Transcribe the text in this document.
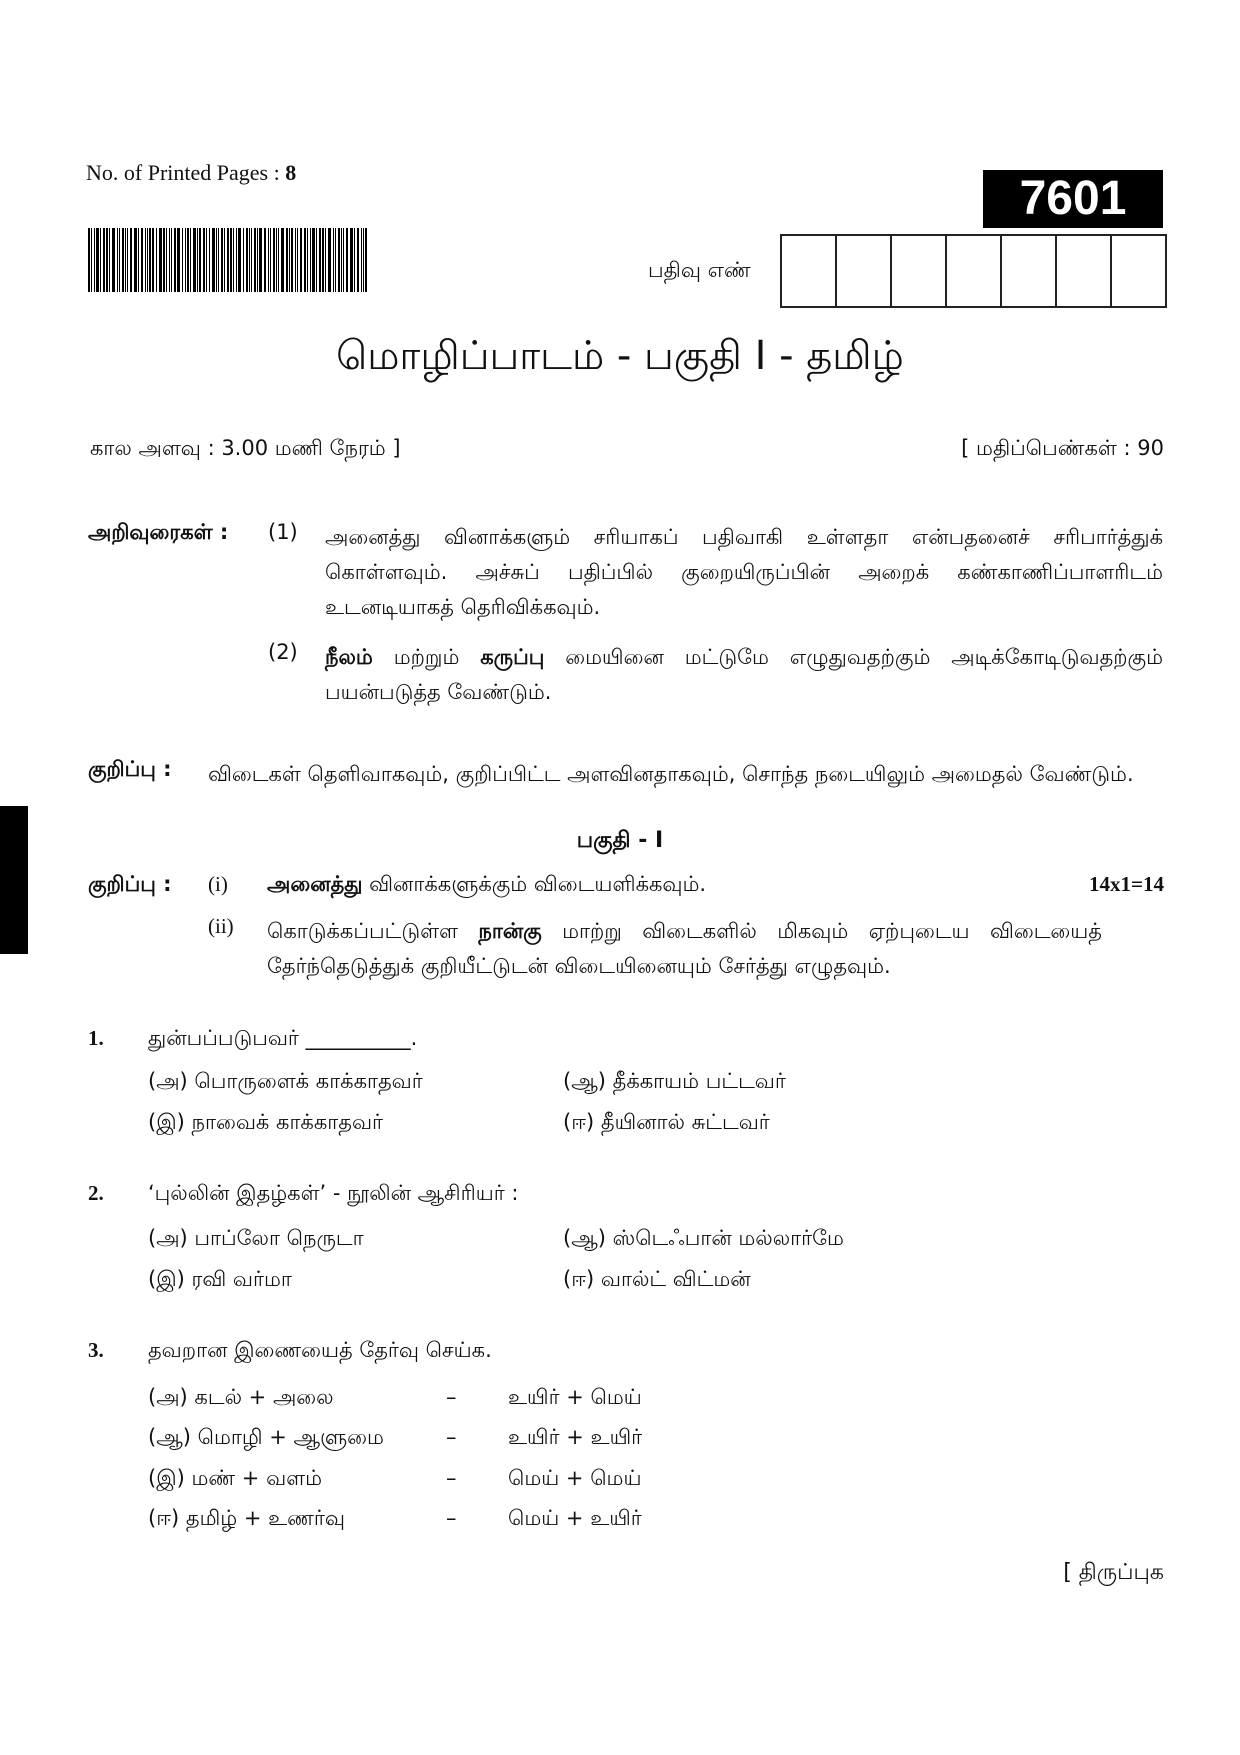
No. of Printed Pages : 8	7601
பதிவு எண்
மொழிப்பாடம் - பகுதி I - தமிழ்
கால அளவு : 3.00 மணி நேரம் ]	[ மதிப்பெண்கள் : 90
அறிவுரைகள் : (1) அனைத்து வினாக்களும் சரியாகப் பதிவாகி உள்ளதா என்பதனைச் சரிபார்த்துக் கொள்ளவும். அச்சுப் பதிப்பில் குறையிருப்பின் அறைக் கண்காணிப்பாளரிடம் உடனடியாகத் தெரிவிக்கவும்.
(2) நீலம் மற்றும் கருப்பு மையினை மட்டுமே எழுதுவதற்கும் அடிக்கோடிடுவதற்கும் பயன்படுத்த வேண்டும்.
குறிப்பு : விடைகள் தெளிவாகவும், குறிப்பிட்ட அளவினதாகவும், சொந்த நடையிலும் அமைதல் வேண்டும்.
பகுதி - I
குறிப்பு : (i) அனைத்து வினாக்களுக்கும் விடையளிக்கவும்.	14x1=14
(ii) கொடுக்கப்பட்டுள்ள நான்கு மாற்று விடைகளில் மிகவும் ஏற்புடைய விடையைத் தேர்ந்தெடுத்துக் குறியீட்டுடன் விடையினையும் சேர்த்து எழுதவும்.
1. துன்பப்படுபவர் __________.
(அ) பொருளைக் காக்காதவர்	(ஆ) தீக்காயம் பட்டவர்
(இ) நாவைக் காக்காதவர்	(ஈ) தீயினால் சுட்டவர்
2. ‘புல்லின் இதழ்கள்’ - நூலின் ஆசிரியர் :
(அ) பாப்லோ நெருடா	(ஆ) ஸ்டெஃபான் மல்லார்மே
(இ) ரவி வர்மா	(ஈ) வால்ட் விட்மன்
3. தவறான இணையைத் தேர்வு செய்க.
(அ) கடல் + அலை	– உயிர் + மெய்
(ஆ) மொழி + ஆளுமை	– உயிர் + உயிர்
(இ) மண் + வளம்	– மெய் + மெய்
(ஈ) தமிழ் + உணர்வு	– மெய் + உயிர்
[ திருப்புக
